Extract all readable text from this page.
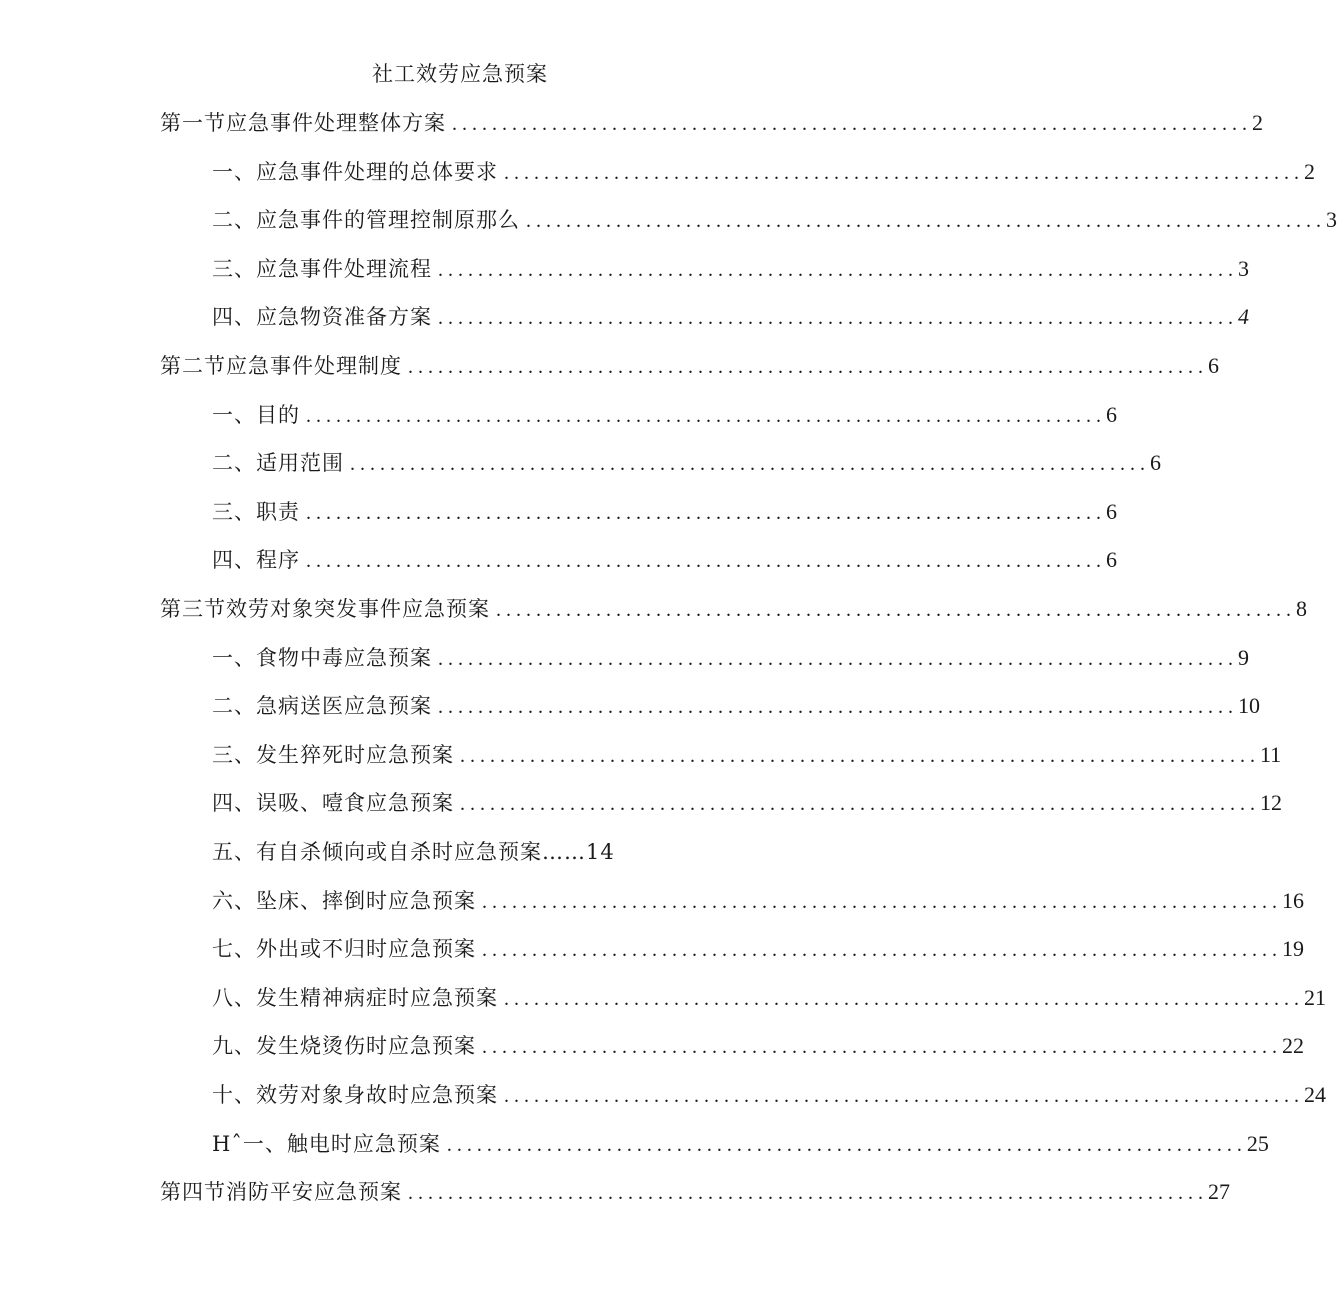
社工效劳应急预案
第一节应急事件处理整体方案 ................................................................................ 2
一、应急事件处理的总体要求 ................................................................................ 2
二、应急事件的管理控制原那么 ................................................................................ 3
三、应急事件处理流程 ................................................................................ 3
四、应急物资准备方案 ................................................................................ 4
第二节应急事件处理制度 ................................................................................ 6
一、目的 ................................................................................ 6
二、适用范围 ................................................................................ 6
三、职责 ................................................................................ 6
四、程序 ................................................................................ 6
第三节效劳对象突发事件应急预案 ................................................................................ 8
一、食物中毒应急预案 ................................................................................ 9
二、急病送医应急预案 ................................................................................ 10
三、发生猝死时应急预案 ................................................................................ 11
四、误吸、噎食应急预案 ................................................................................ 12
五、有自杀倾向或自杀时应急预案……14
六、坠床、摔倒时应急预案 ................................................................................ 16
七、外出或不归时应急预案 ................................................................................ 19
八、发生精神病症时应急预案 ................................................................................ 21
九、发生烧烫伤时应急预案 ................................................................................ 22
十、效劳对象身故时应急预案 ................................................................................ 24
Hˆ一、触电时应急预案 ................................................................................ 25
第四节消防平安应急预案 ................................................................................ 27
